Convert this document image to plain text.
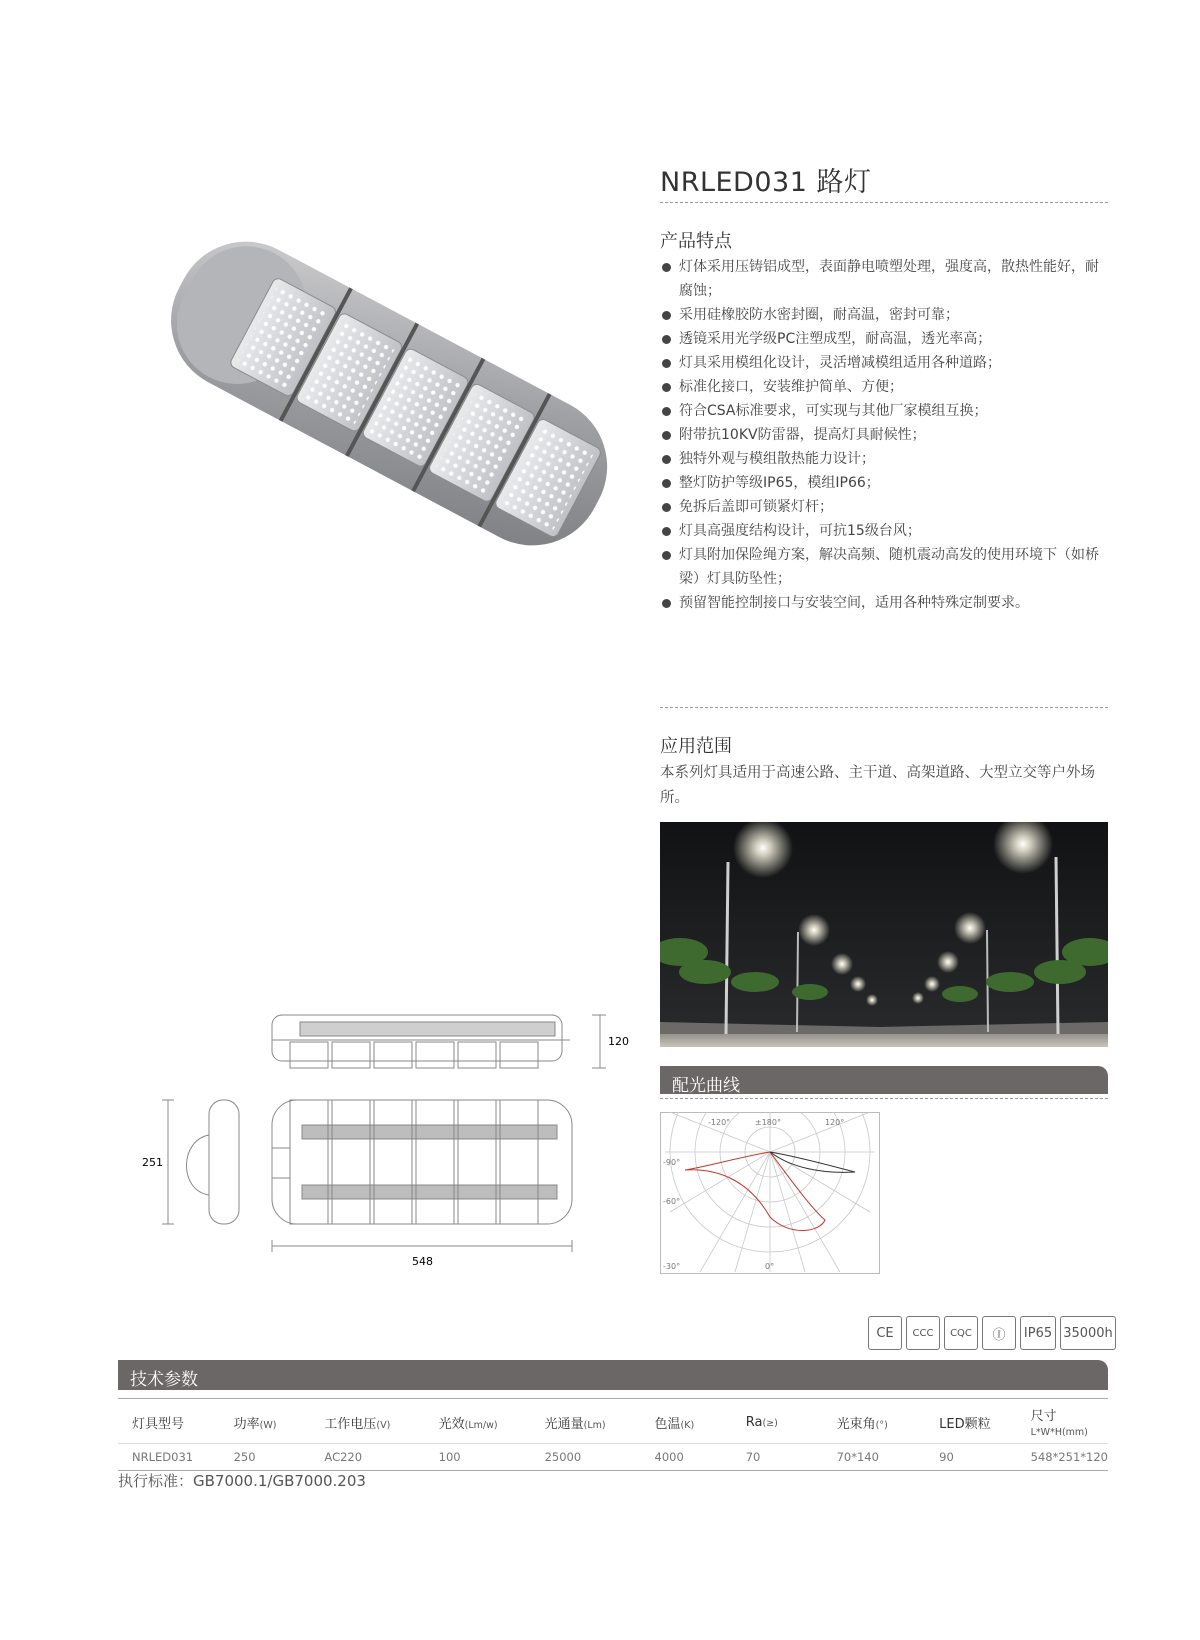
NRLED031 路灯
产品特点
灯体采用压铸铝成型，表面静电喷塑处理，强度高，散热性能好，耐腐蚀；
采用硅橡胶防水密封圈，耐高温，密封可靠；
透镜采用光学级PC注塑成型，耐高温，透光率高；
灯具采用模组化设计，灵活增减模组适用各种道路；
标准化接口，安装维护简单、方便；
符合CSA标准要求，可实现与其他厂家模组互换；
附带抗10KV防雷器，提高灯具耐候性；
独特外观与模组散热能力设计；
整灯防护等级IP65，模组IP66；
免拆后盖即可锁紧灯杆；
灯具高强度结构设计，可抗15级台风；
灯具附加保险绳方案，解决高频、随机震动高发的使用环境下（如桥梁）灯具防坠性；
预留智能控制接口与安装空间，适用各种特殊定制要求。
应用范围
本系列灯具适用于高速公路、主干道、高架道路、大型立交等户外场所。
配光曲线
-120°	±180°	120°
-90°
-60°
-30°	0°
120
251
548
CE	CCC	CQC	Ⓘ	IP65 35000h
技术参数
灯具型号	功率(W)	工作电压(V)	光效(Lm/w)	光通量(Lm)	色温(K)	Ra(≥)	光束角(°)	LED颗粒	尺寸L*W*H(mm)
NRLED031	250	AC220	100	25000	4000	70	70*140	90	548*251*120
执行标准：GB7000.1/GB7000.203
